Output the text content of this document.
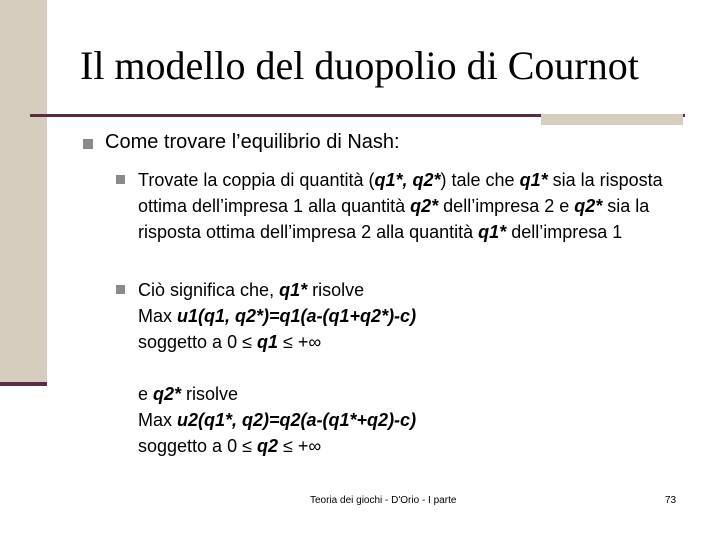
Il modello del duopolio di Cournot
Come trovare l’equilibrio di Nash:
Trovate la coppia di quantità (q1*, q2*) tale che q1* sia la risposta ottima dell’impresa 1 alla quantità q2* dell’impresa 2 e q2* sia la risposta ottima dell’impresa 2 alla quantità q1* dell’impresa 1
Ciò significa che, q1* risolve
Max u1(q1, q2*)=q1(a-(q1+q2*)-c)
soggetto a 0 ≤ q1 ≤ +∞
e q2* risolve
Max u2(q1*, q2)=q2(a-(q1*+q2)-c)
soggetto a 0 ≤ q2 ≤ +∞
Teoria dei giochi - D'Orio - I parte	73
